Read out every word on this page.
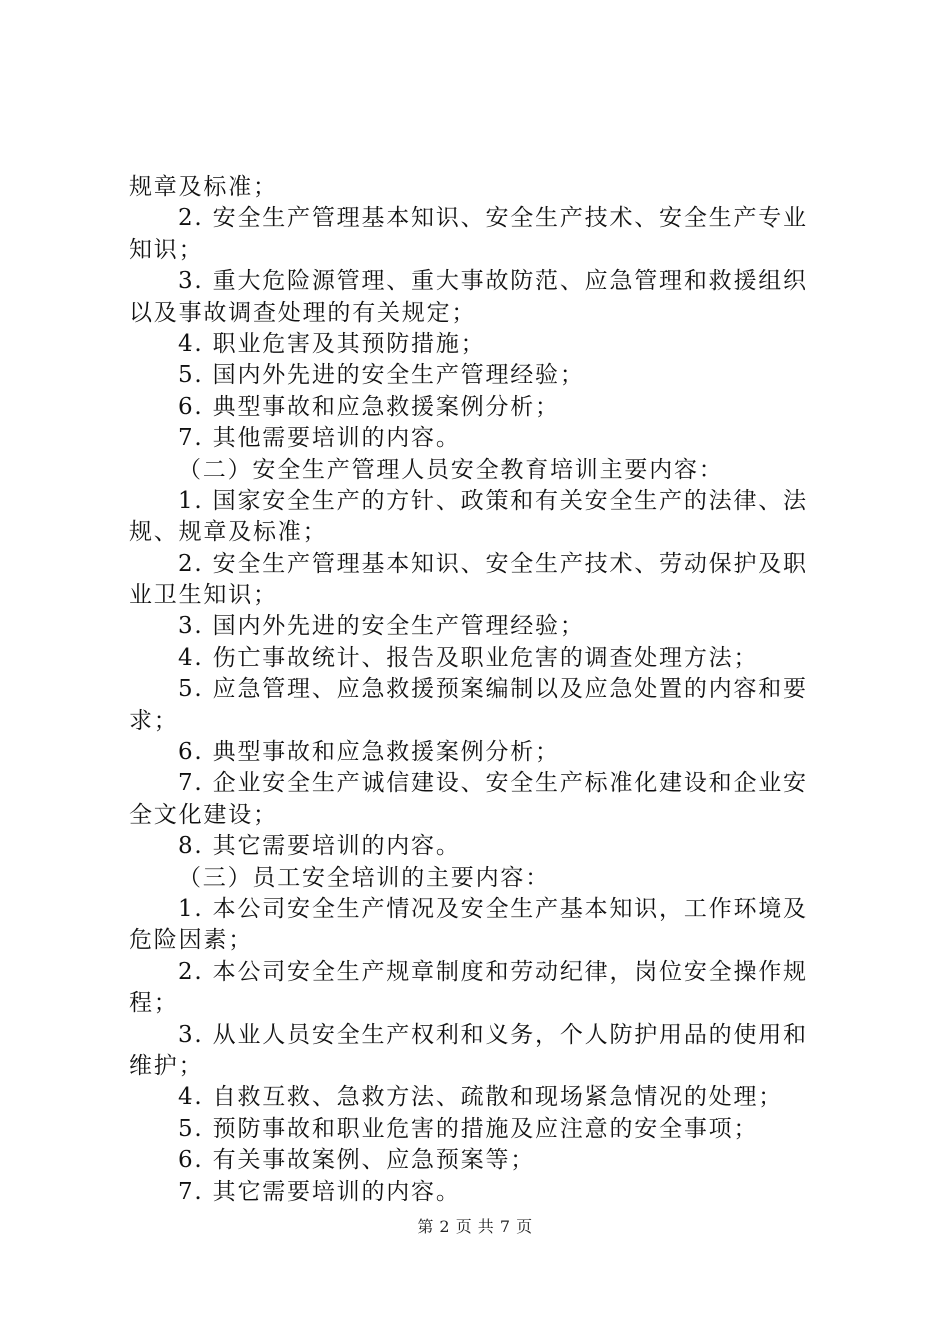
规章及标准；
2. 安全生产管理基本知识、安全生产技术、安全生产专业
知识；
3. 重大危险源管理、重大事故防范、应急管理和救援组织
以及事故调查处理的有关规定；
4. 职业危害及其预防措施；
5. 国内外先进的安全生产管理经验；
6. 典型事故和应急救援案例分析；
7. 其他需要培训的内容。
（二）安全生产管理人员安全教育培训主要内容：
1. 国家安全生产的方针、政策和有关安全生产的法律、法
规、规章及标准；
2. 安全生产管理基本知识、安全生产技术、劳动保护及职
业卫生知识；
3. 国内外先进的安全生产管理经验；
4. 伤亡事故统计、报告及职业危害的调查处理方法；
5. 应急管理、应急救援预案编制以及应急处置的内容和要
求；
6. 典型事故和应急救援案例分析；
7. 企业安全生产诚信建设、安全生产标准化建设和企业安
全文化建设；
8. 其它需要培训的内容。
（三）员工安全培训的主要内容：
1. 本公司安全生产情况及安全生产基本知识，工作环境及
危险因素；
2. 本公司安全生产规章制度和劳动纪律，岗位安全操作规
程；
3. 从业人员安全生产权利和义务，个人防护用品的使用和
维护；
4. 自救互救、急救方法、疏散和现场紧急情况的处理；
5. 预防事故和职业危害的措施及应注意的安全事项；
6. 有关事故案例、应急预案等；
7. 其它需要培训的内容。
第 2 页 共 7 页
